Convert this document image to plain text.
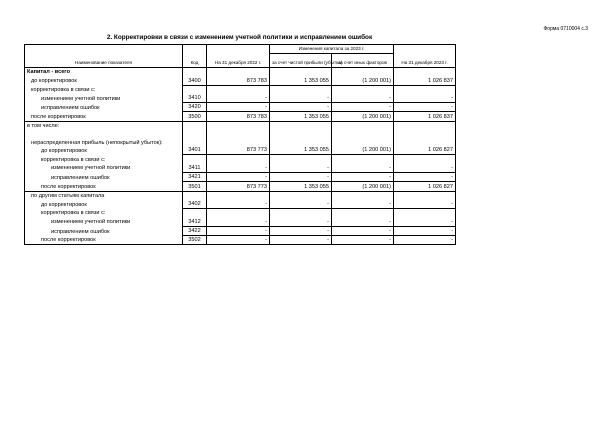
Форма 0710004 с.3
2. Корректировки в связи с изменением учетной политики и исправлением ошибок
Наименование показателя	Код	На 31 декабря 2022 г.	Изменения капитала за 2023 г.		На 31 декабря 2023 г.
			за счет чистой прибыли (убытка)	за счет иных факторов	
Капитал - всего					
до корректировок	3400	873 783	1 353 055	(1 200 001)	1 026 837
корректировка в связи с:					
изменением учетной политики	3410	-	-	-	-
исправлением ошибок	3420	-	-	-	-
после корректировок	3500	873 783	1 353 055	(1 200 001)	1 026 837
в том числе:					
нераспределенная прибыль (непокрытый убыток):					
до корректировок	3401	873 773	1 353 055	(1 200 001)	1 026 827
корректировка в связи с:					
изменением учетной политики	3411	-	-	-	-
исправлением ошибок	3421	-	-	-	-
после корректировок	3501	873 773	1 353 055	(1 200 001)	1 026 827
по другим статьям капитала					
до корректировок	3402	-	-	-	-
корректировка в связи с:					
изменением учетной политики	3412	-	-	-	-
исправлением ошибок	3422	-	-	-	-
после корректировок	3502	-	-	-	-
